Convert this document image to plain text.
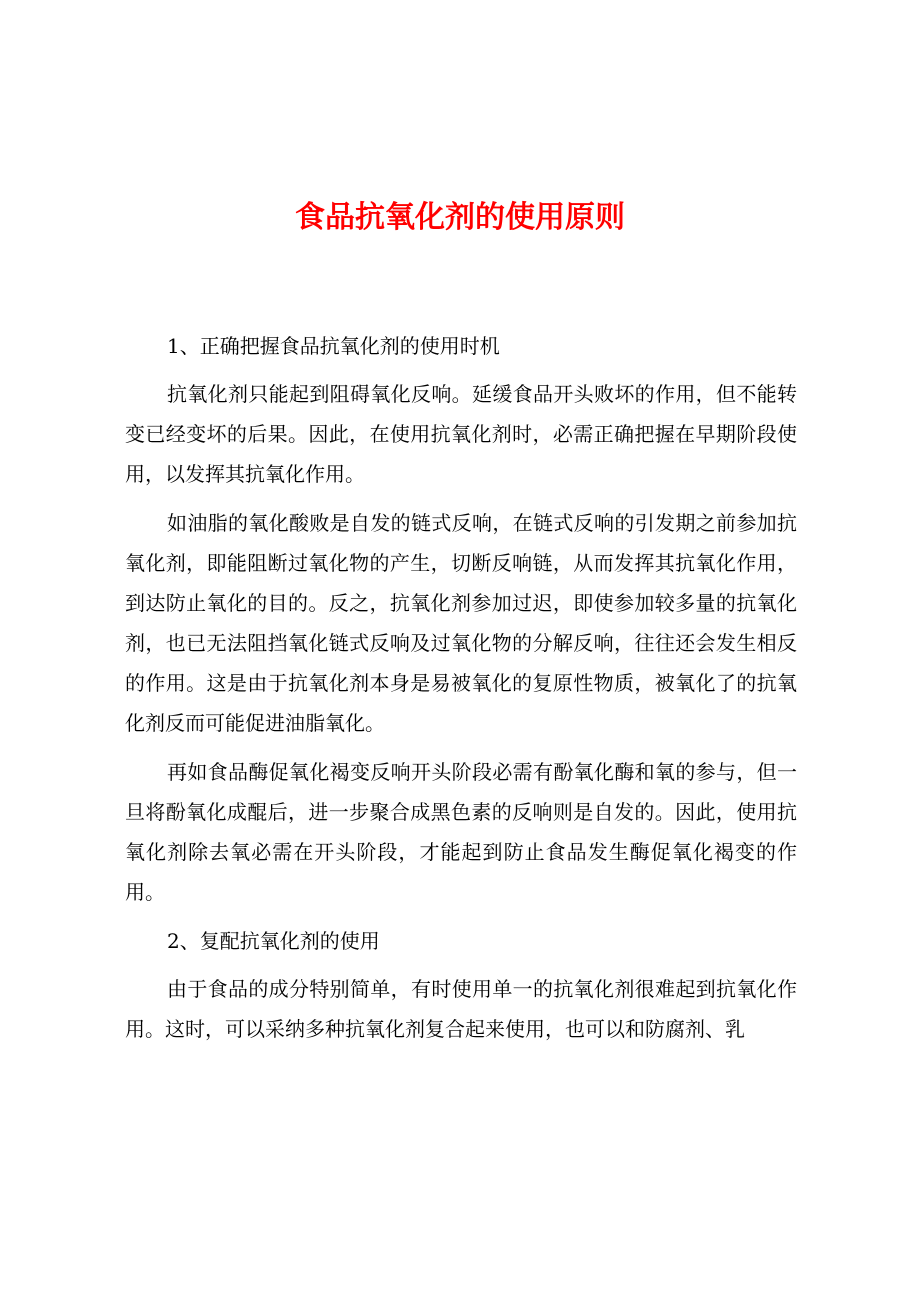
食品抗氧化剂的使用原则

1、正确把握食品抗氧化剂的使用时机

抗氧化剂只能起到阻碍氧化反响。延缓食品开头败坏的作用，但不能转变已经变坏的后果。因此，在使用抗氧化剂时，必需正确把握在早期阶段使用，以发挥其抗氧化作用。

如油脂的氧化酸败是自发的链式反响，在链式反响的引发期之前参加抗氧化剂，即能阻断过氧化物的产生，切断反响链，从而发挥其抗氧化作用，到达防止氧化的目的。反之，抗氧化剂参加过迟，即使参加较多量的抗氧化剂，也已无法阻挡氧化链式反响及过氧化物的分解反响，往往还会发生相反的作用。这是由于抗氧化剂本身是易被氧化的复原性物质，被氧化了的抗氧化剂反而可能促进油脂氧化。

再如食品酶促氧化褐变反响开头阶段必需有酚氧化酶和氧的参与，但一旦将酚氧化成醌后，进一步聚合成黑色素的反响则是自发的。因此，使用抗氧化剂除去氧必需在开头阶段，才能起到防止食品发生酶促氧化褐变的作用。

2、复配抗氧化剂的使用

由于食品的成分特别简单，有时使用单一的抗氧化剂很难起到抗氧化作用。这时，可以采纳多种抗氧化剂复合起来使用，也可以和防腐剂、乳
